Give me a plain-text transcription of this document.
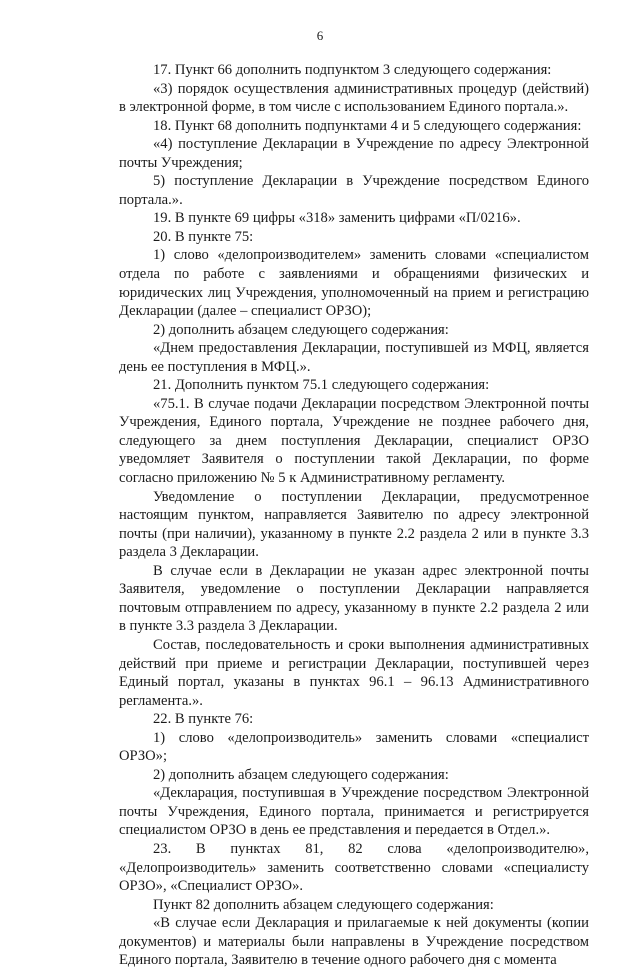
6

17. Пункт 66 дополнить подпунктом 3 следующего содержания:

«3) порядок осуществления административных процедур (действий) в электронной форме, в том числе с использованием Единого портала.».

18. Пункт 68 дополнить подпунктами 4 и 5 следующего содержания:

«4) поступление Декларации в Учреждение по адресу Электронной почты Учреждения;

5) поступление Декларации в Учреждение посредством Единого портала.».

19. В пункте 69 цифры «318» заменить цифрами «П/0216».

20. В пункте 75:

1) слово «делопроизводителем» заменить словами «специалистом отдела по работе с заявлениями и обращениями физических и юридических лиц Учреждения, уполномоченный на прием и регистрацию Декларации (далее – специалист ОРЗО);

2) дополнить абзацем следующего содержания:

«Днем предоставления Декларации, поступившей из МФЦ, является день ее поступления в МФЦ.».

21. Дополнить пунктом 75.1 следующего содержания:

«75.1. В случае подачи Декларации посредством Электронной почты Учреждения, Единого портала, Учреждение не позднее рабочего дня, следующего за днем поступления Декларации, специалист ОРЗО уведомляет Заявителя о поступлении такой Декларации, по форме согласно приложению № 5 к Административному регламенту.

Уведомление о поступлении Декларации, предусмотренное настоящим пунктом, направляется Заявителю по адресу электронной почты (при наличии), указанному в пункте 2.2 раздела 2 или в пункте 3.3 раздела 3 Декларации.

В случае если в Декларации не указан адрес электронной почты Заявителя, уведомление о поступлении Декларации направляется почтовым отправлением по адресу, указанному в пункте 2.2 раздела 2 или в пункте 3.3 раздела 3 Декларации.

Состав, последовательность и сроки выполнения административных действий при приеме и регистрации Декларации, поступившей через Единый портал, указаны в пунктах 96.1 – 96.13 Административного регламента.».

22. В пункте 76:

1) слово «делопроизводитель» заменить словами «специалист ОРЗО»;

2) дополнить абзацем следующего содержания:

«Декларация, поступившая в Учреждение посредством Электронной почты Учреждения, Единого портала, принимается и регистрируется специалистом ОРЗО в день ее представления и передается в Отдел.».

23. В пунктах 81, 82 слова «делопроизводителю», «Делопроизводитель» заменить соответственно словами «специалисту ОРЗО», «Специалист ОРЗО».

Пункт 82 дополнить абзацем следующего содержания:

«В случае если Декларация и прилагаемые к ней документы (копии документов) и материалы были направлены в Учреждение посредством Единого портала, Заявителю в течение одного рабочего дня с момента
